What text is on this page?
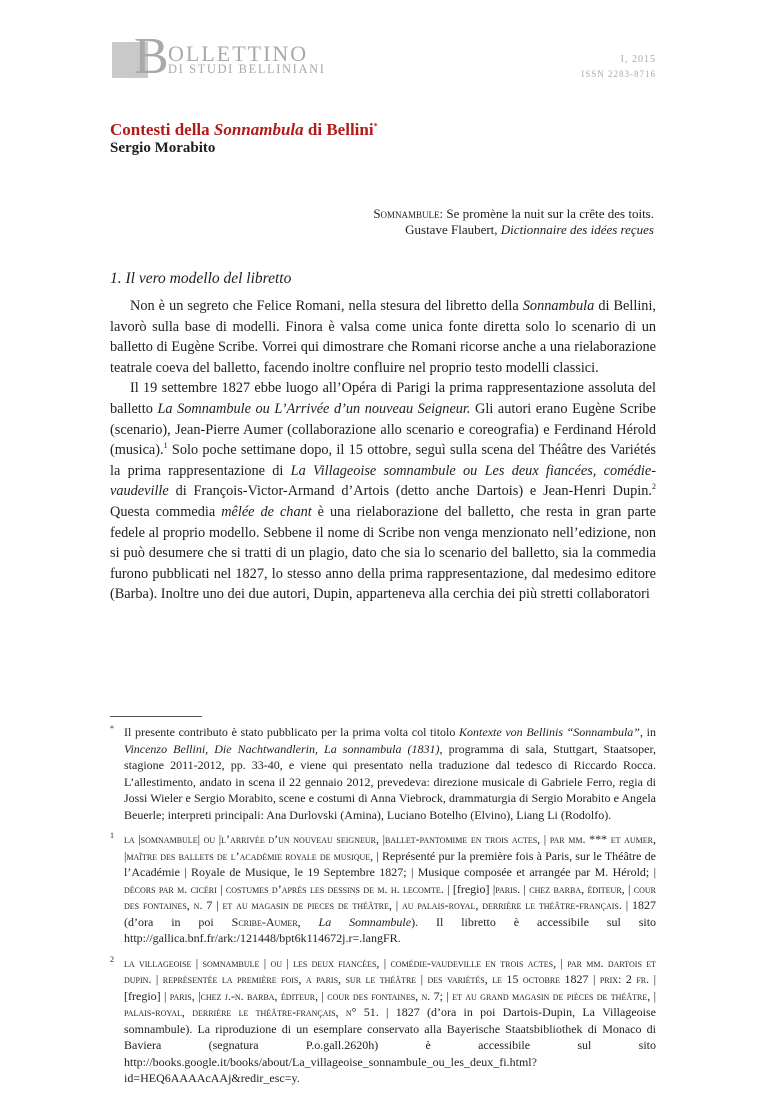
B OLLETTINO
DI STUDI BELLINIANI
I, 2015
ISSN 2283-8716
Contesti della Sonnambula di Bellini*
Sergio Morabito
Somnambule: Se promène la nuit sur la crête des toits.
Gustave Flaubert, Dictionnaire des idées reçues
1. Il vero modello del libretto

Non è un segreto che Felice Romani, nella stesura del libretto della Sonnambula di Bellini, lavorò sulla base di modelli. Finora è valsa come unica fonte diretta solo lo scenario di un balletto di Eugène Scribe. Vorrei qui dimostrare che Romani ricorse anche a una rielaborazione teatrale coeva del balletto, facendo inoltre confluire nel proprio testo modelli classici.

Il 19 settembre 1827 ebbe luogo all’Opéra di Parigi la prima rappresentazione assoluta del balletto La Somnambule ou L’Arrivée d’un nouveau Seigneur. Gli autori erano Eugène Scribe (scenario), Jean-Pierre Aumer (collaborazione allo scenario e coreografia) e Ferdinand Hérold (musica).$^1$ Solo poche settimane dopo, il 15 ottobre, seguì sulla scena del Théâtre des Variétés la prima rappresentazione di La Villageoise somnambule ou Les deux fiancées, comédie-vaudeville di François-Victor-Armand d’Artois (detto anche Dartois) e Jean-Henri Dupin.$^2$ Questa commedia mêlée de chant è una rielaborazione del balletto, che resta in gran parte fedele al proprio modello. Sebbene il nome di Scribe non venga menzionato nell’edizione, non si può desumere che si tratti di un plagio, dato che sia lo scenario del balletto, sia la commedia furono pubblicati nel 1827, lo stesso anno della prima rappresentazione, dal medesimo editore (Barba). Inoltre uno dei due autori, Dupin, apparteneva alla cerchia dei più stretti collaboratori

* Il presente contributo è stato pubblicato per la prima volta col titolo Kontexte von Bellinis “Sonnambula”, in Vincenzo Bellini, Die Nachtwandlerin, La sonnambula (1831), programma di sala, Stuttgart, Staatsoper, stagione 2011-2012, pp. 33-40, e viene qui presentato nella traduzione dal tedesco di Riccardo Rocca. L’allestimento, andato in scena il 22 gennaio 2012, prevedeva: direzione musicale di Gabriele Ferro, regia di Jossi Wieler e Sergio Morabito, scene e costumi di Anna Viebrock, drammaturgia di Sergio Morabito e Angela Beuerle; interpreti principali: Ana Durlovski (Amina), Luciano Botelho (Elvino), Liang Li (Rodolfo).
1 la |somnambule| ou |l’arrivée d’un nouveau seigneur, |ballet-pantomime en trois actes, | par mm. *** et aumer, |maître des ballets de l’académie royale de musique, | Représenté pur la première fois à Paris, sur le Théâtre de l’Académie | Royale de Musique, le 19 Septembre 1827; | Musique composée et arrangée par M. Hérold; | décors par m. cicéri | costumes d’après les dessins de m. h. lecomte. | [fregio] |paris. | chez barba, éditeur, | cour des fontaines, n. 7 | et au magasin de pieces de théâtre, | au palais-royal, derrière le théâtre-français. | 1827 (d’ora in poi Scribe-Aumer, La Somnambule). Il libretto è accessibile sul sito http://gallica.bnf.fr/ark:/121448/bpt6k114672j.r=.langFR.
2 la villageoise | somnambule | ou | les deux fiancées, | comédie-vaudeville en trois actes, | par mm. dartois et dupin. | représentée la première fois, a paris, sur le théâtre | des variétés, le 15 octobre 1827 | prix: 2 fr. | [fregio] | paris, |chez j.-n. barba, éditeur, | cour des fontaines, n. 7; | et au grand magasin de pièces de théâtre, | palais-royal, derrière le théâtre-français, n° 51. | 1827 (d’ora in poi Dartois-Dupin, La Villageoise somnambule). La riproduzione di un esemplare conservato alla Bayerische Staatsbibliothek di Monaco di Baviera (segnatura P.o.gall.2620h) è accessibile sul sito http://books.google.it/books/about/La_villageoise_sonnambule_ou_les_deux_fi.html?id=HEQ6AAAAcAAj&redir_esc=y.
